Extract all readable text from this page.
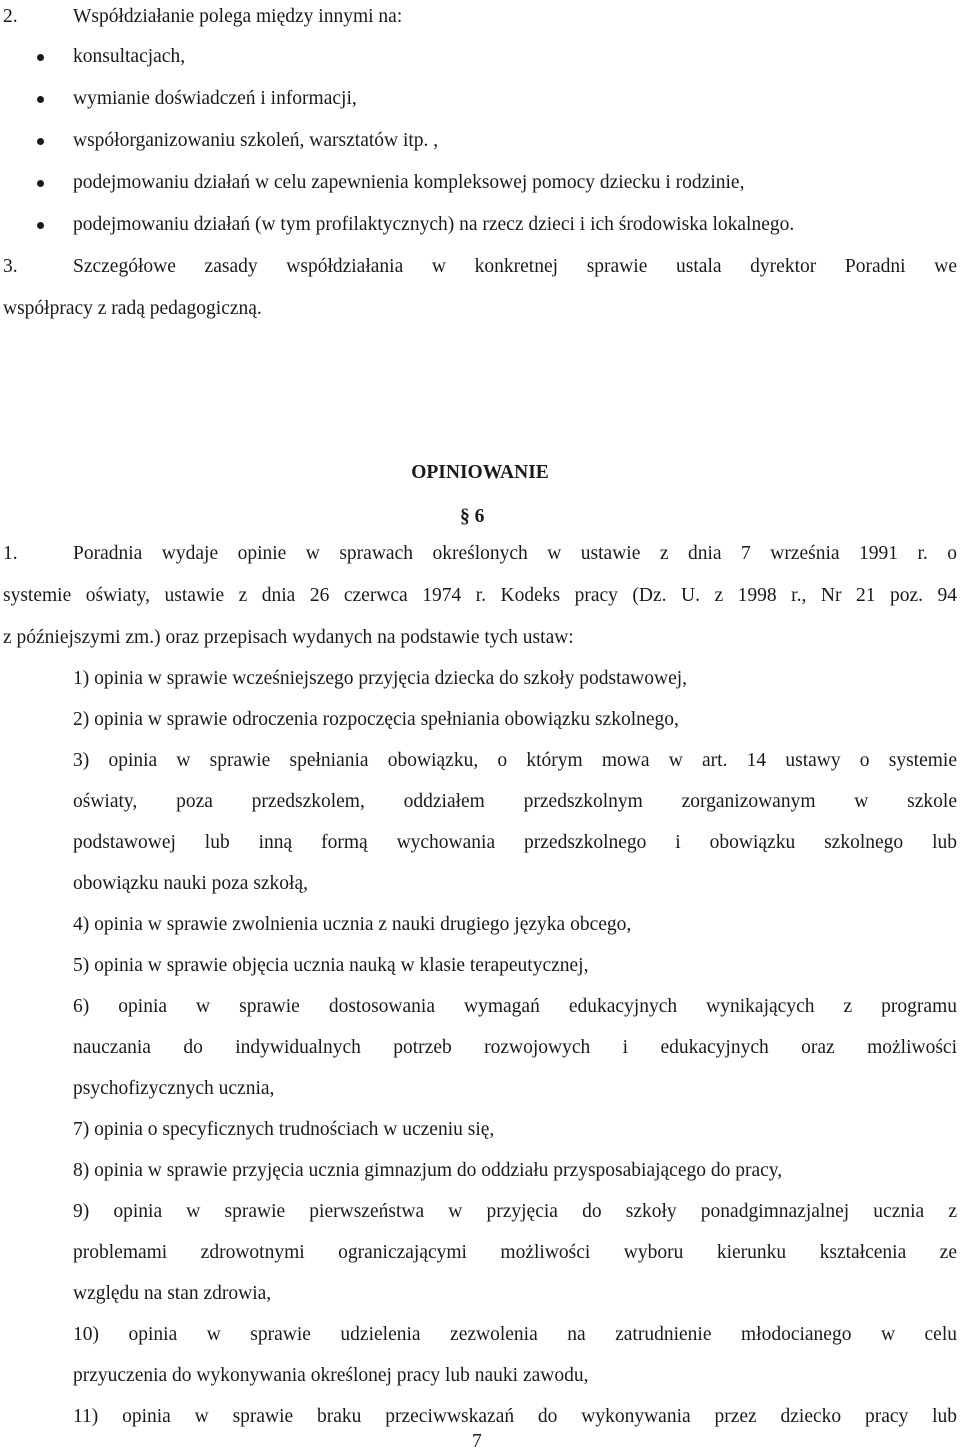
2.	Współdziałanie polega między innymi na:
konsultacjach,
wymianie doświadczeń i informacji,
współorganizowaniu szkoleń, warsztatów itp. ,
podejmowaniu działań w celu zapewnienia kompleksowej pomocy dziecku i rodzinie,
podejmowaniu działań (w tym profilaktycznych) na rzecz dzieci i ich środowiska lokalnego.
3.	Szczegółowe zasady współdziałania w konkretnej sprawie ustala dyrektor Poradni we
współpracy z radą pedagogiczną.
OPINIOWANIE
§ 6
1.	Poradnia wydaje opinie w sprawach określonych w ustawie z dnia 7 września 1991 r. o
systemie oświaty, ustawie z dnia 26 czerwca 1974 r. Kodeks pracy (Dz. U. z 1998 r., Nr 21 poz. 94
z późniejszymi zm.) oraz przepisach wydanych na podstawie tych ustaw:
1) opinia w sprawie wcześniejszego przyjęcia dziecka do szkoły podstawowej,
2) opinia w sprawie odroczenia rozpoczęcia spełniania obowiązku szkolnego,
3) opinia w sprawie spełniania obowiązku, o którym mowa w art. 14 ustawy o systemie
oświaty, poza przedszkolem, oddziałem przedszkolnym zorganizowanym w szkole
podstawowej lub inną formą wychowania przedszkolnego i obowiązku szkolnego lub
obowiązku nauki poza szkołą,
4) opinia w sprawie zwolnienia ucznia z nauki drugiego języka obcego,
5) opinia w sprawie objęcia ucznia nauką w klasie terapeutycznej,
6) opinia w sprawie dostosowania wymagań edukacyjnych wynikających z programu
nauczania do indywidualnych potrzeb rozwojowych i edukacyjnych oraz możliwości
psychofizycznych ucznia,
7) opinia o specyficznych trudnościach w uczeniu się,
8) opinia w sprawie przyjęcia ucznia gimnazjum do oddziału przysposabiającego do pracy,
9) opinia w sprawie pierwszeństwa w przyjęcia do szkoły ponadgimnazjalnej ucznia z
problemami zdrowotnymi ograniczającymi możliwości wyboru kierunku kształcenia ze
względu na stan zdrowia,
10) opinia w sprawie udzielenia zezwolenia na zatrudnienie młodocianego w celu
przyuczenia do wykonywania określonej pracy lub nauki zawodu,
11) opinia w sprawie braku przeciwwskazań do wykonywania przez dziecko pracy lub
7
